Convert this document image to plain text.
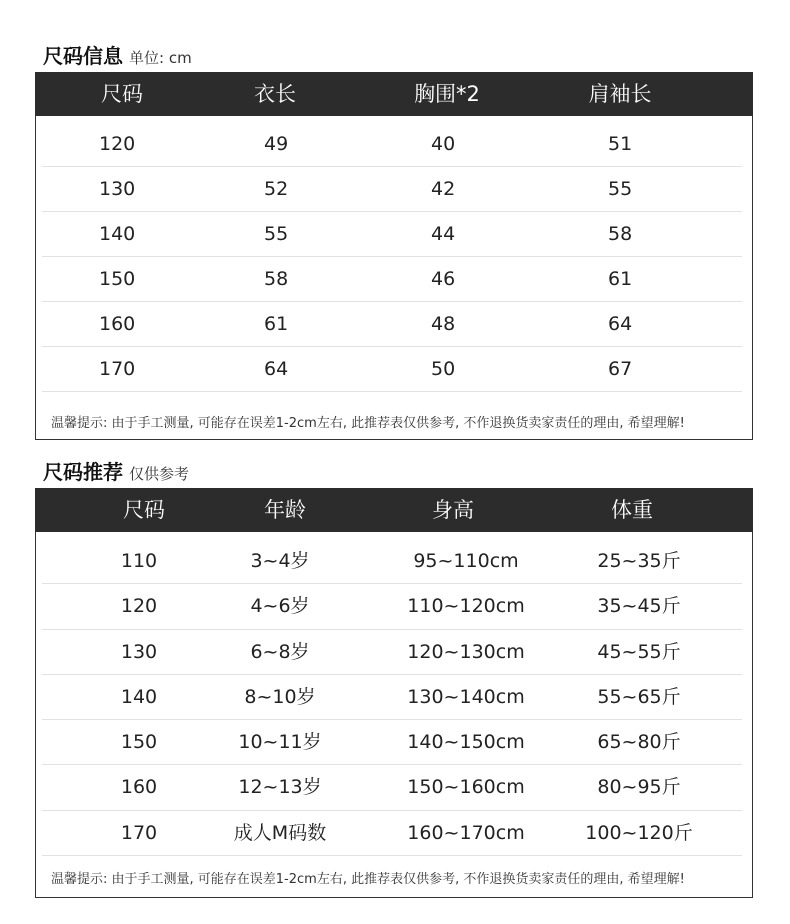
尺码信息 单位: cm
尺码	衣长	胸围*2	肩袖长
120	49	40	51
130	52	42	55
140	55	44	58
150	58	46	61
160	61	48	64
170	64	50	67
温馨提示: 由于手工测量, 可能存在误差1-2cm左右, 此推荐表仅供参考, 不作退换货卖家责任的理由, 希望理解!
尺码推荐 仅供参考
尺码	年龄	身高	体重
110	3~4岁	95~110cm	25~35斤
120	4~6岁	110~120cm	35~45斤
130	6~8岁	120~130cm	45~55斤
140	8~10岁	130~140cm	55~65斤
150	10~11岁	140~150cm	65~80斤
160	12~13岁	150~160cm	80~95斤
170	成人M码数	160~170cm	100~120斤
温馨提示: 由于手工测量, 可能存在误差1-2cm左右, 此推荐表仅供参考, 不作退换货卖家责任的理由, 希望理解!
